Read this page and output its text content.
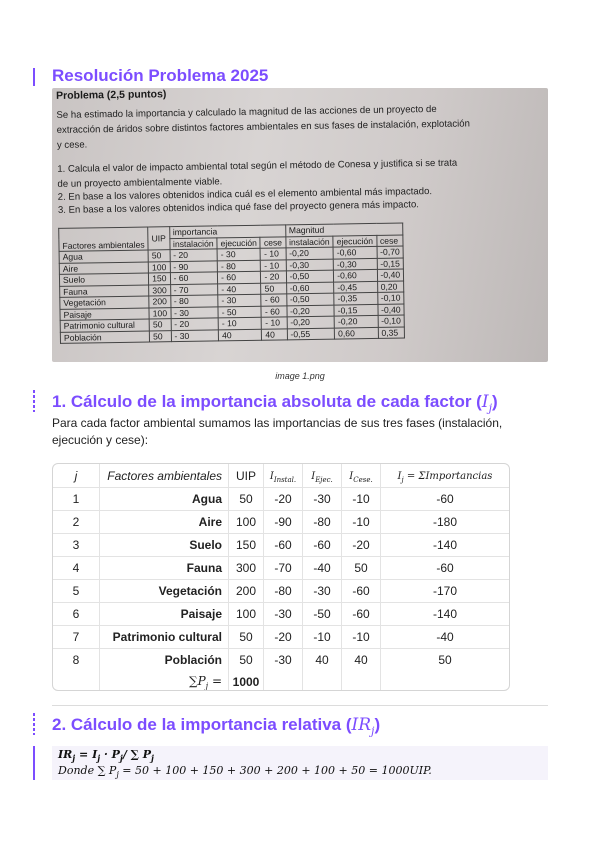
Resolución Problema 2025
Problema (2,5 puntos)
Se ha estimado la importancia y calculado la magnitud de las acciones de un proyecto de
extracción de áridos sobre distintos factores ambientales en sus fases de instalación, explotación
y cese.
1. Calcula el valor de impacto ambiental total según el método de Conesa y justifica si se trata
de un proyecto ambientalmente viable.
2. En base a los valores obtenidos indica cuál es el elemento ambiental más impactado.
3. En base a los valores obtenidos indica qué fase del proyecto genera más impacto.
Factores ambientales	UIP	importancia			Magnitud		
		instalación	ejecución	cese	instalación	ejecución	cese
Agua	50	- 20	- 30	- 10	-0,20	-0,60	-0,70
Aire	100	- 90	- 80	- 10	-0,30	-0,30	-0,15
Suelo	150	- 60	- 60	- 20	-0,50	-0,60	-0,40
Fauna	300	- 70	- 40	50	-0,60	-0,45	0,20
Vegetación	200	- 80	- 30	- 60	-0,50	-0,35	-0,10
Paisaje	100	- 30	- 50	- 60	-0,20	-0,15	-0,40
Patrimonio cultural	50	- 20	- 10	- 10	-0,20	-0,20	-0,10
Población	50	- 30	40	40	-0,55	0,60	0,35
image 1.png
1. Cálculo de la importancia absoluta de cada factor $(I_j)$
Para cada factor ambiental sumamos las importancias de sus tres fases (instalación, ejecución y cese):
j	Factores ambientales	UIP	$I_{Instal.}$	$I_{Ejec.}$	$I_{Cese.}$	$I_j$ = ΣImportancias
1	Agua	50	-20	-30	-10	-60
2	Aire	100	-90	-80	-10	-180
3	Suelo	150	-60	-60	-20	-140
4	Fauna	300	-70	-40	50	-60
5	Vegetación	200	-80	-30	-60	-170
6	Paisaje	100	-30	-50	-60	-140
7	Patrimonio cultural	50	-20	-10	-10	-40
8	Población	50	-30	40	40	50
	$\sum P_j$ =	1000				
2. Cálculo de la importancia relativa $(IR_j)$
$IR_j = I_j \cdot P_j/$ ∑ $P_j$
Donde ∑ $P_j = 50 + 100 + 150 + 300 + 200 + 100 + 50 = 1000UIP$.
